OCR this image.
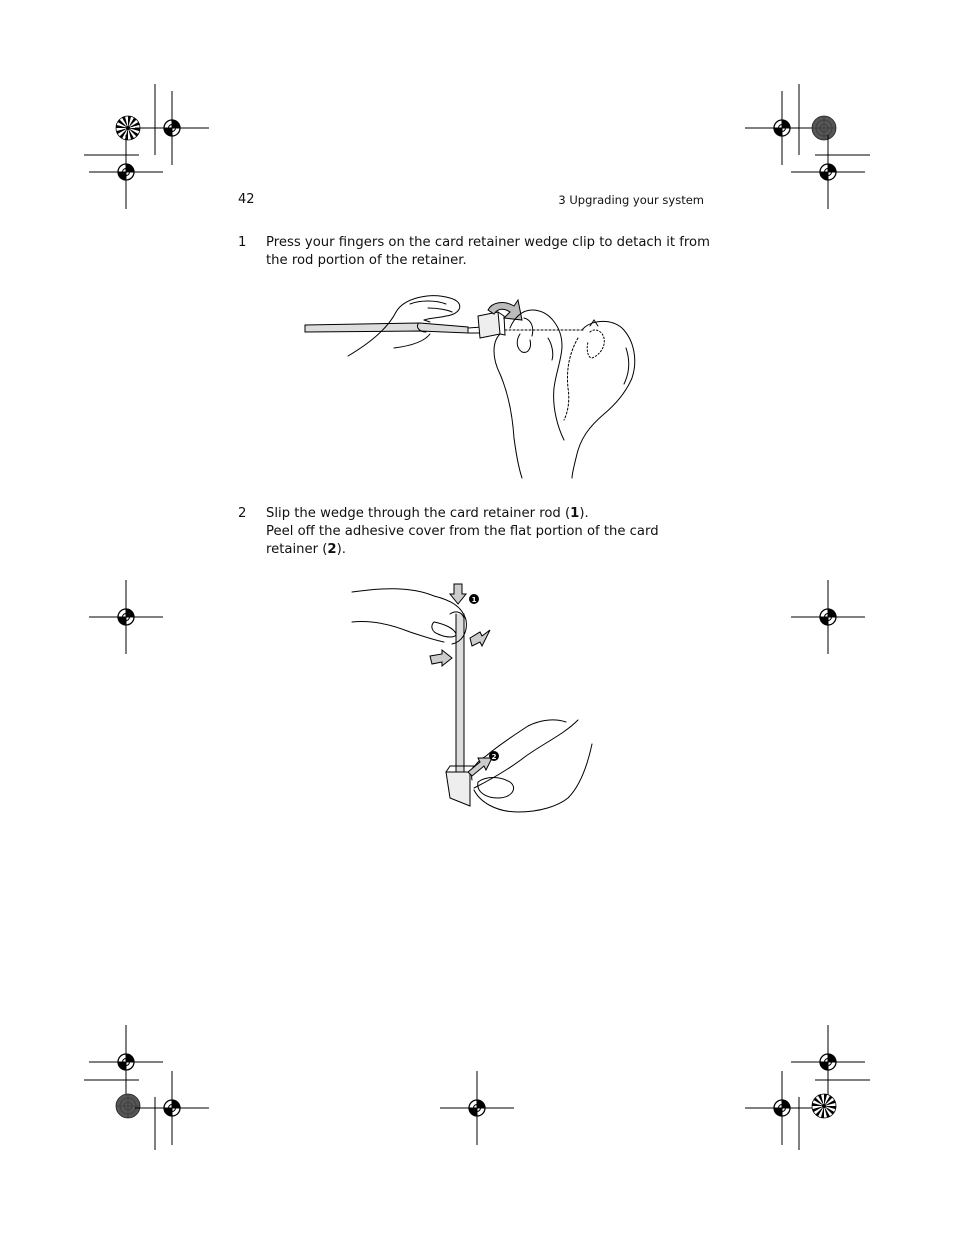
42	3 Upgrading your system
1 Press your fingers on the card retainer wedge clip to detach it from
the rod portion of the retainer.
2 Slip the wedge through the card retainer rod (1).
Peel off the adhesive cover from the flat portion of the card
retainer (2).
1
2
